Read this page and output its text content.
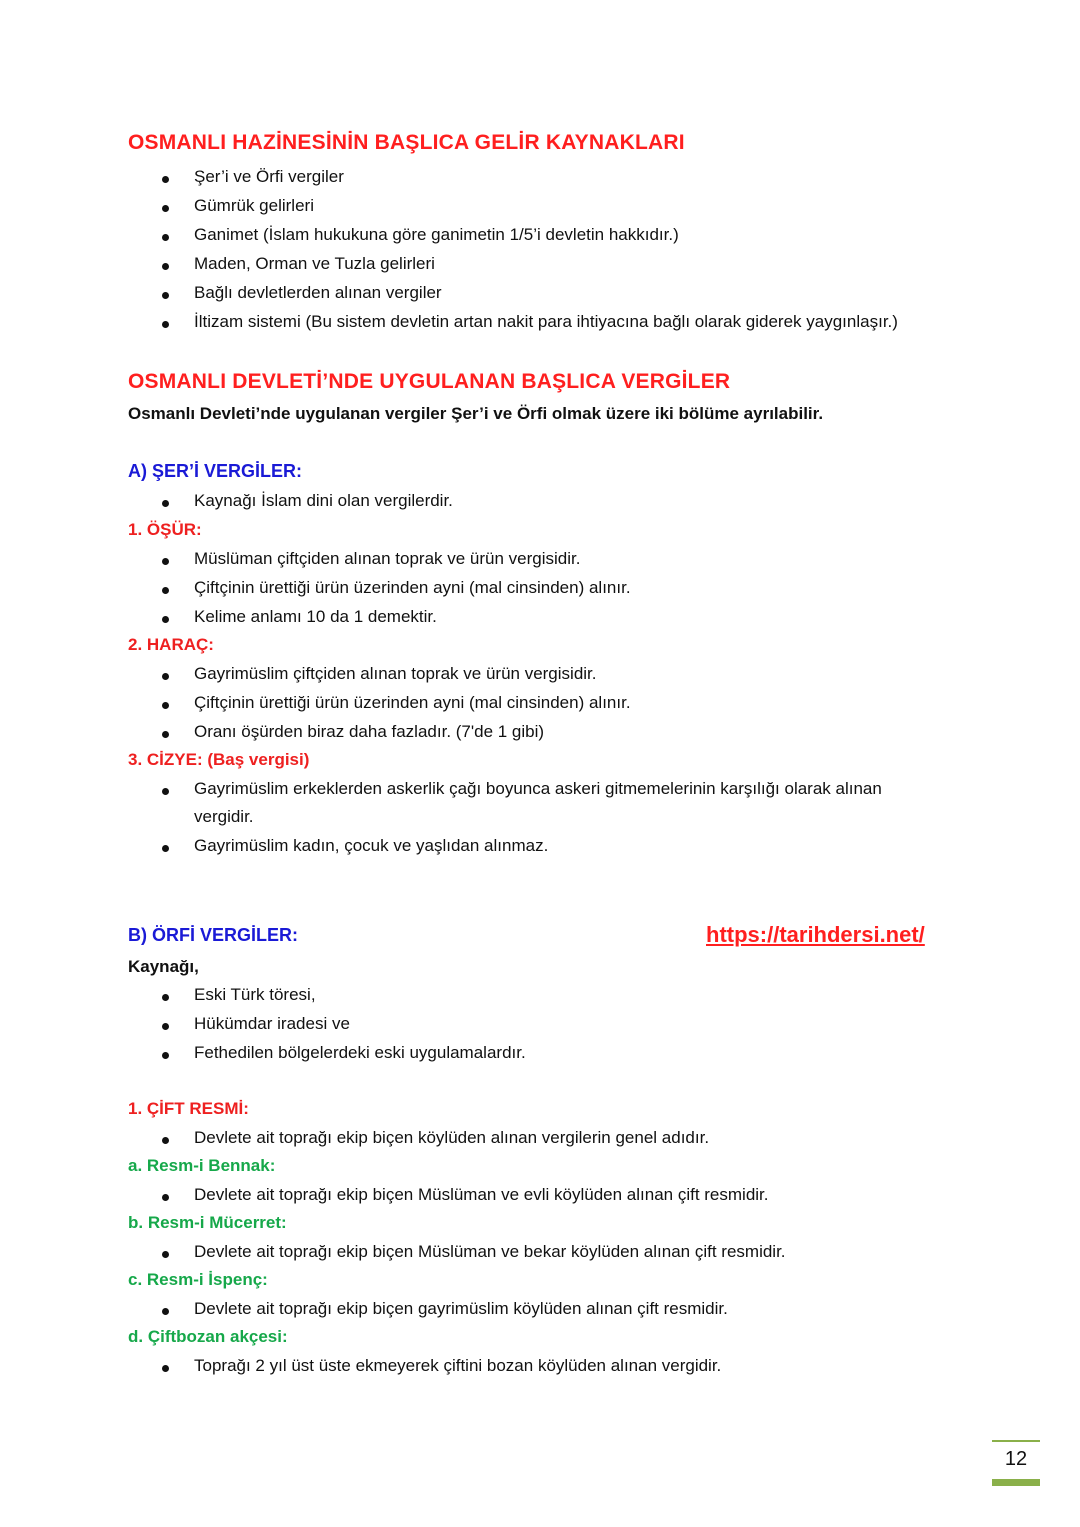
OSMANLI HAZİNESİNİN BAŞLICA GELİR KAYNAKLARI
Şer’i ve Örfi vergiler
Gümrük gelirleri
Ganimet (İslam hukukuna göre ganimetin 1/5’i devletin hakkıdır.)
Maden, Orman ve Tuzla gelirleri
Bağlı devletlerden alınan vergiler
İltizam sistemi (Bu sistem devletin artan nakit para ihtiyacına bağlı olarak giderek yaygınlaşır.)
OSMANLI DEVLETİ’NDE UYGULANAN BAŞLICA VERGİLER
Osmanlı Devleti’nde uygulanan vergiler Şer’i ve Örfi olmak üzere iki bölüme ayrılabilir.
A) ŞER’İ VERGİLER:
Kaynağı İslam dini olan vergilerdir.
1. ÖŞÜR:
Müslüman çiftçiden alınan toprak ve ürün vergisidir.
Çiftçinin ürettiği ürün üzerinden ayni (mal cinsinden) alınır.
Kelime anlamı 10 da 1 demektir.
2. HARAÇ:
Gayrimüslim çiftçiden alınan toprak ve ürün vergisidir.
Çiftçinin ürettiği ürün üzerinden ayni (mal cinsinden) alınır.
Oranı öşürden biraz daha fazladır. (7'de 1 gibi)
3. CİZYE: (Baş vergisi)
Gayrimüslim erkeklerden askerlik çağı boyunca askeri gitmemelerinin karşılığı olarak alınan
vergidir.
Gayrimüslim kadın, çocuk ve yaşlıdan alınmaz.
B) ÖRFİ VERGİLER:	https://tarihdersi.net/
Kaynağı,
Eski Türk töresi,
Hükümdar iradesi ve
Fethedilen bölgelerdeki eski uygulamalardır.
1. ÇİFT RESMİ:
Devlete ait toprağı ekip biçen köylüden alınan vergilerin genel adıdır.
a. Resm-i Bennak:
Devlete ait toprağı ekip biçen Müslüman ve evli köylüden alınan çift resmidir.
b. Resm-i Mücerret:
Devlete ait toprağı ekip biçen Müslüman ve bekar köylüden alınan çift resmidir.
c. Resm-i İspenç:
Devlete ait toprağı ekip biçen gayrimüslim köylüden alınan çift resmidir.
d. Çiftbozan akçesi:
Toprağı 2 yıl üst üste ekmeyerek çiftini bozan köylüden alınan vergidir.
12
